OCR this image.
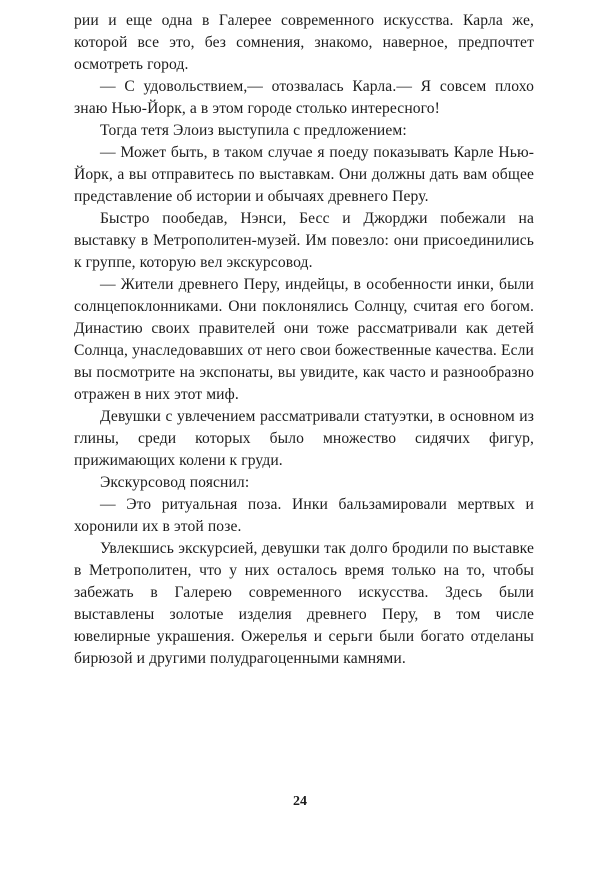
рии и еще одна в Галерее современного искусства. Карла же, которой все это, без сомнения, знакомо, наверное, предпочтет осмотреть город.

— С удовольствием,— отозвалась Карла.— Я совсем плохо знаю Нью-Йорк, а в этом городе столько интересного!

Тогда тетя Элоиз выступила с предложением:

— Может быть, в таком случае я поеду показывать Карле Нью-Йорк, а вы отправитесь по выставкам. Они должны дать вам общее представление об истории и обычаях древнего Перу.

Быстро пообедав, Нэнси, Бесс и Джорджи побежали на выставку в Метрополитен-музей. Им повезло: они присоединились к группе, которую вел экскурсовод.

— Жители древнего Перу, индейцы, в особенности инки, были солнцепоклонниками. Они поклонялись Солнцу, считая его богом. Династию своих правителей они тоже рассматривали как детей Солнца, унаследовавших от него свои божественные качества. Если вы посмотрите на экспонаты, вы увидите, как часто и разнообразно отражен в них этот миф.

Девушки с увлечением рассматривали статуэтки, в основном из глины, среди которых было множество сидячих фигур, прижимающих колени к груди.

Экскурсовод пояснил:

— Это ритуальная поза. Инки бальзамировали мертвых и хоронили их в этой позе.

Увлекшись экскурсией, девушки так долго бродили по выставке в Метрополитен, что у них осталось время только на то, чтобы забежать в Галерею современного искусства. Здесь были выставлены золотые изделия древнего Перу, в том числе ювелирные украшения. Ожерелья и серьги были богато отделаны бирюзой и другими полудрагоценными камнями.

24
